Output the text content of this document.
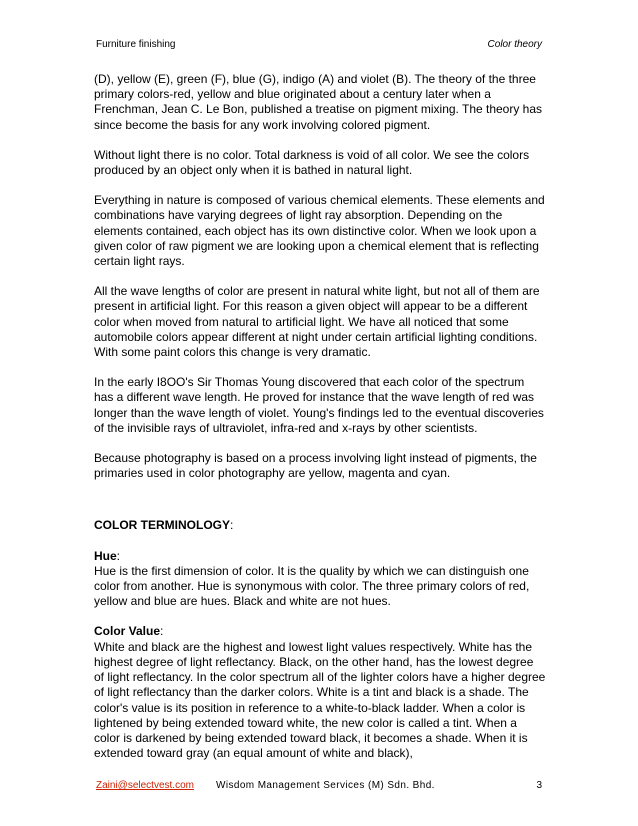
Furniture finishing	Color theory

(D), yellow (E), green (F), blue (G), indigo (A) and violet (B). The theory of the three primary colors-red, yellow and blue originated about a century later when a Frenchman, Jean C. Le Bon, published a treatise on pigment mixing. The theory has since become the basis for any work involving colored pigment.

Without light there is no color. Total darkness is void of all color. We see the colors produced by an object only when it is bathed in natural light.

Everything in nature is composed of various chemical elements. These elements and combinations have varying degrees of light ray absorption. Depending on the elements contained, each object has its own distinctive color. When we look upon a given color of raw pigment we are looking upon a chemical element that is reflecting certain light rays.

All the wave lengths of color are present in natural white light, but not all of them are present in artificial light. For this reason a given object will appear to be a different color when moved from natural to artificial light. We have all noticed that some automobile colors appear different at night under certain artificial lighting conditions. With some paint colors this change is very dramatic.

In the early I8OO's Sir Thomas Young discovered that each color of the spectrum has a different wave length. He proved for instance that the wave length of red was longer than the wave length of violet. Young's findings led to the eventual discoveries of the invisible rays of ultraviolet, infra-red and x-rays by other scientists.

Because photography is based on a process involving light instead of pigments, the primaries used in color photography are yellow, magenta and cyan.

COLOR TERMINOLOGY:
Hue:
Hue is the first dimension of color. It is the quality by which we can distinguish one color from another. Hue is synonymous with color. The three primary colors of red, yellow and blue are hues. Black and white are not hues.
Color Value:
White and black are the highest and lowest light values respectively. White has the highest degree of light reflectancy. Black, on the other hand, has the lowest degree of light reflectancy. In the color spectrum all of the lighter colors have a higher degree of light reflectancy than the darker colors. White is a tint and black is a shade. The color's value is its position in reference to a white-to-black ladder. When a color is lightened by being extended toward white, the new color is called a tint. When a color is darkened by being extended toward black, it becomes a shade. When it is extended toward gray (an equal amount of white and black),
Zaini@selectvest.com Wisdom Management Services (M) Sdn. Bhd.	3
